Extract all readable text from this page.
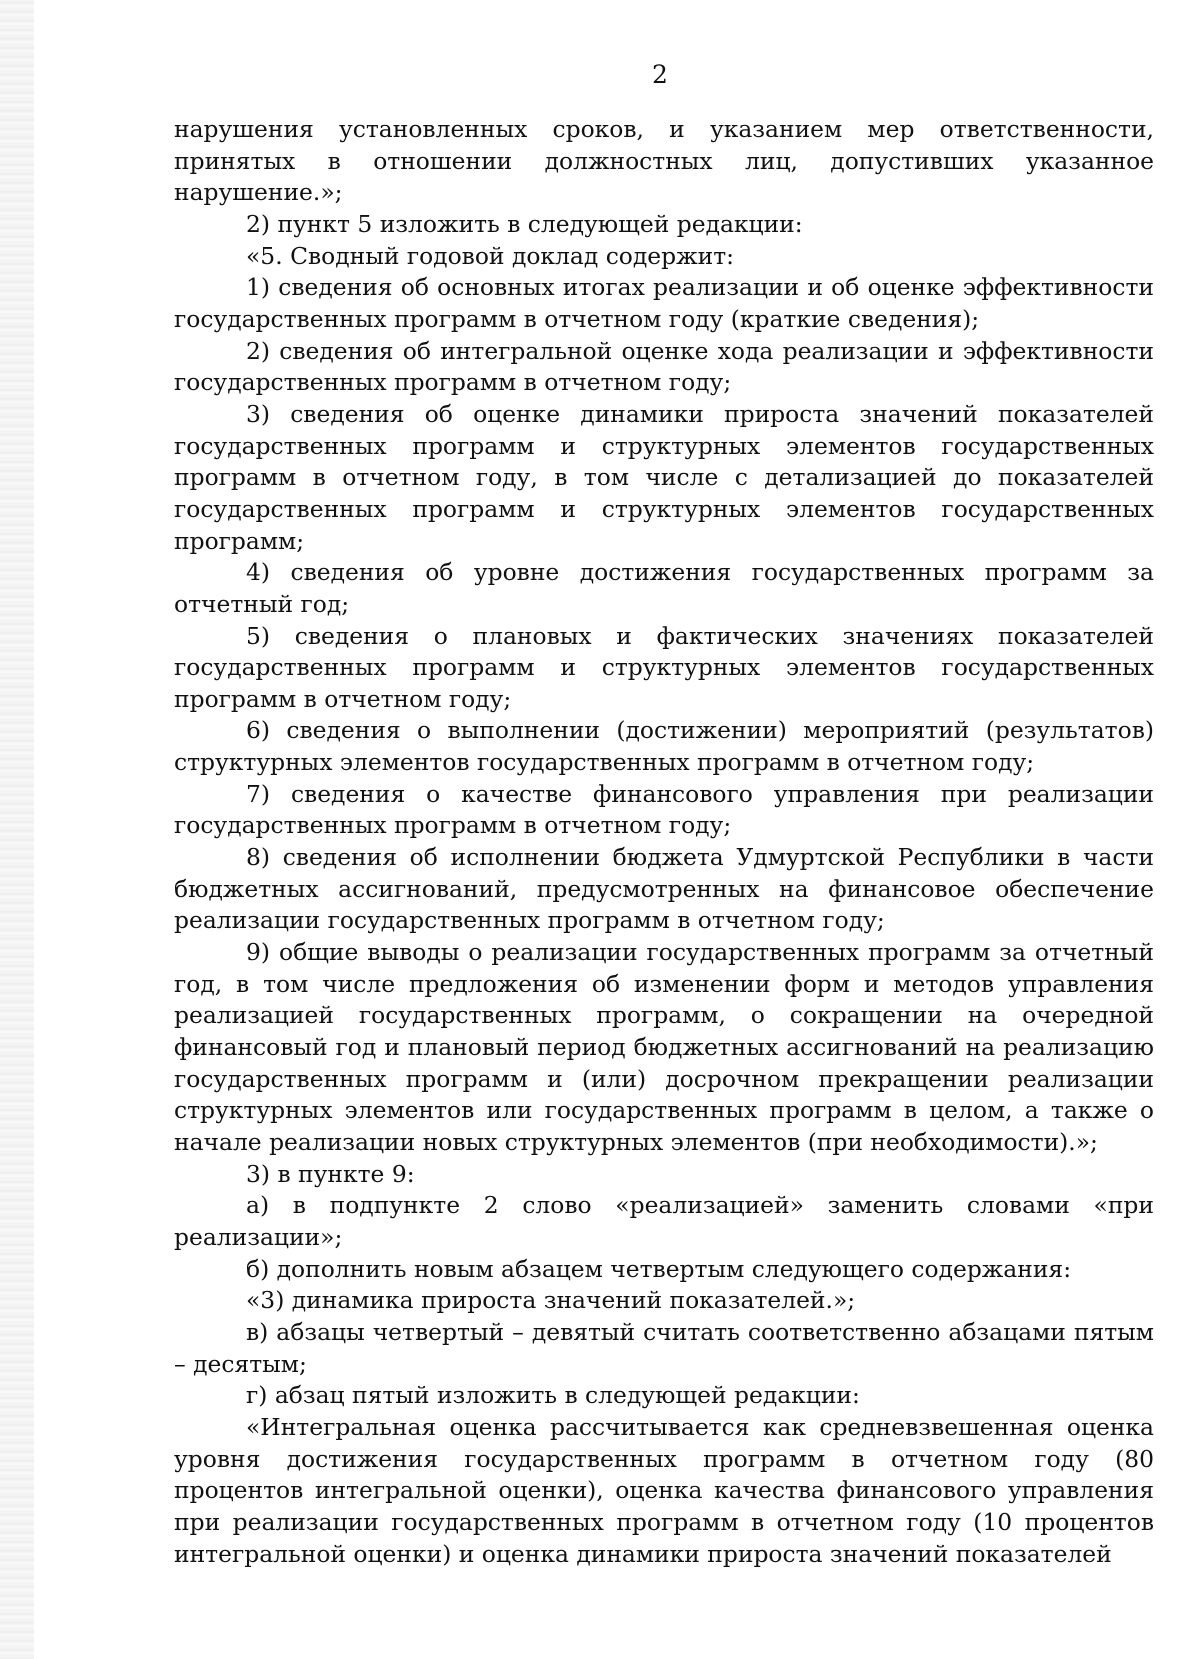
2

нарушения установленных сроков, и указанием мер ответственности, принятых в отношении должностных лиц, допустивших указанное нарушение.»;

2) пункт 5 изложить в следующей редакции:

«5. Сводный годовой доклад содержит:

1) сведения об основных итогах реализации и об оценке эффективности государственных программ в отчетном году (краткие сведения);

2) сведения об интегральной оценке хода реализации и эффективности государственных программ в отчетном году;

3) сведения об оценке динамики прироста значений показателей государственных программ и структурных элементов государственных программ в отчетном году, в том числе с детализацией до показателей государственных программ и структурных элементов государственных программ;

4) сведения об уровне достижения государственных программ за отчетный год;

5) сведения о плановых и фактических значениях показателей государственных программ и структурных элементов государственных программ в отчетном году;

6) сведения о выполнении (достижении) мероприятий (результатов) структурных элементов государственных программ в отчетном году;

7) сведения о качестве финансового управления при реализации государственных программ в отчетном году;

8) сведения об исполнении бюджета Удмуртской Республики в части бюджетных ассигнований, предусмотренных на финансовое обеспечение реализации государственных программ в отчетном году;

9) общие выводы о реализации государственных программ за отчетный год, в том числе предложения об изменении форм и методов управления реализацией государственных программ, о сокращении на очередной финансовый год и плановый период бюджетных ассигнований на реализацию государственных программ и (или) досрочном прекращении реализации структурных элементов или государственных программ в целом, а также о начале реализации новых структурных элементов (при необходимости).»;

3) в пункте 9:

а) в подпункте 2 слово «реализацией» заменить словами «при реализации»;

б) дополнить новым абзацем четвертым следующего содержания:

«3) динамика прироста значений показателей.»;

в) абзацы четвертый – девятый считать соответственно абзацами пятым – десятым;

г) абзац пятый изложить в следующей редакции:

«Интегральная оценка рассчитывается как средневзвешенная оценка уровня достижения государственных программ в отчетном году (80 процентов интегральной оценки), оценка качества финансового управления при реализации государственных программ в отчетном году (10 процентов интегральной оценки) и оценка динамики прироста значений показателей
